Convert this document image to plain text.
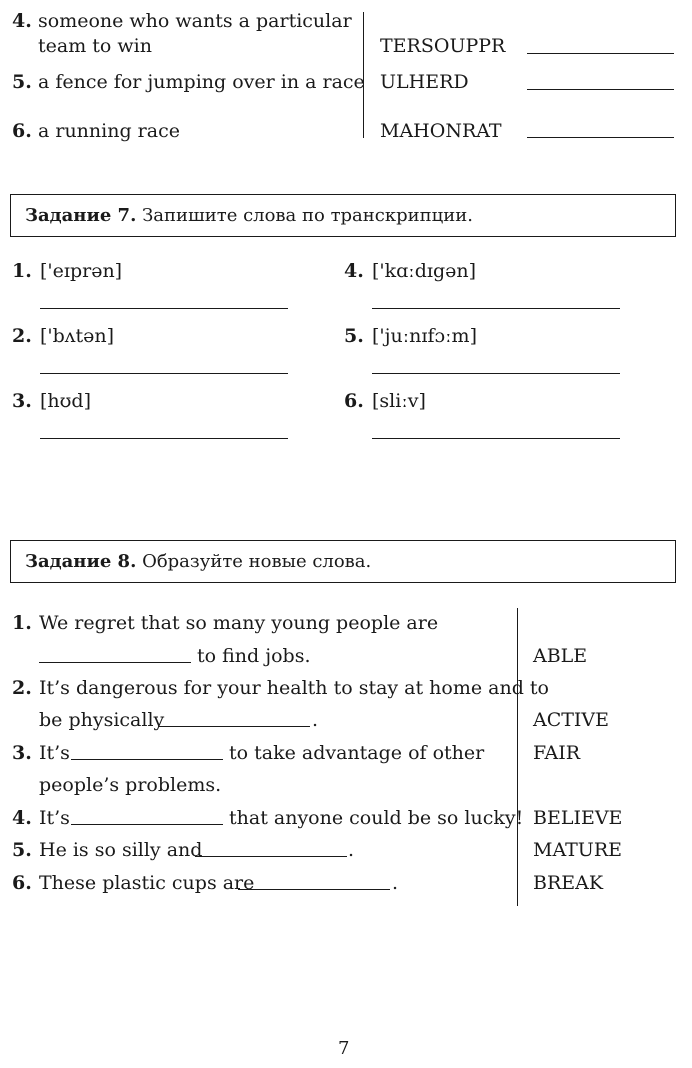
4. someone who wants a particular
team to win	TERSOUPPR
5. a fence for jumping over in a race ULHERD
6. a running race	MAHONRAT
Задание 7. Запишите слова по транскрипции.
1. ['eɪprən]
2. ['bʌtən]
3. [hʊd]
4. ['kɑːdɪgən]
5. ['juːnɪfɔːm]
6. [sliːv]
Задание 8. Образуйте новые слова.
1. We regret that so many young people are
to find jobs.	ABLE
2. It’s dangerous for your health to stay at home and to
be physically	.	ACTIVE
3. It’s	to take advantage of other
people’s problems.
FAIR
4. It’s	that anyone could be so lucky! BELIEVE
5. He is so silly and	.	MATURE
6. These plastic cups are	.	BREAK
7
